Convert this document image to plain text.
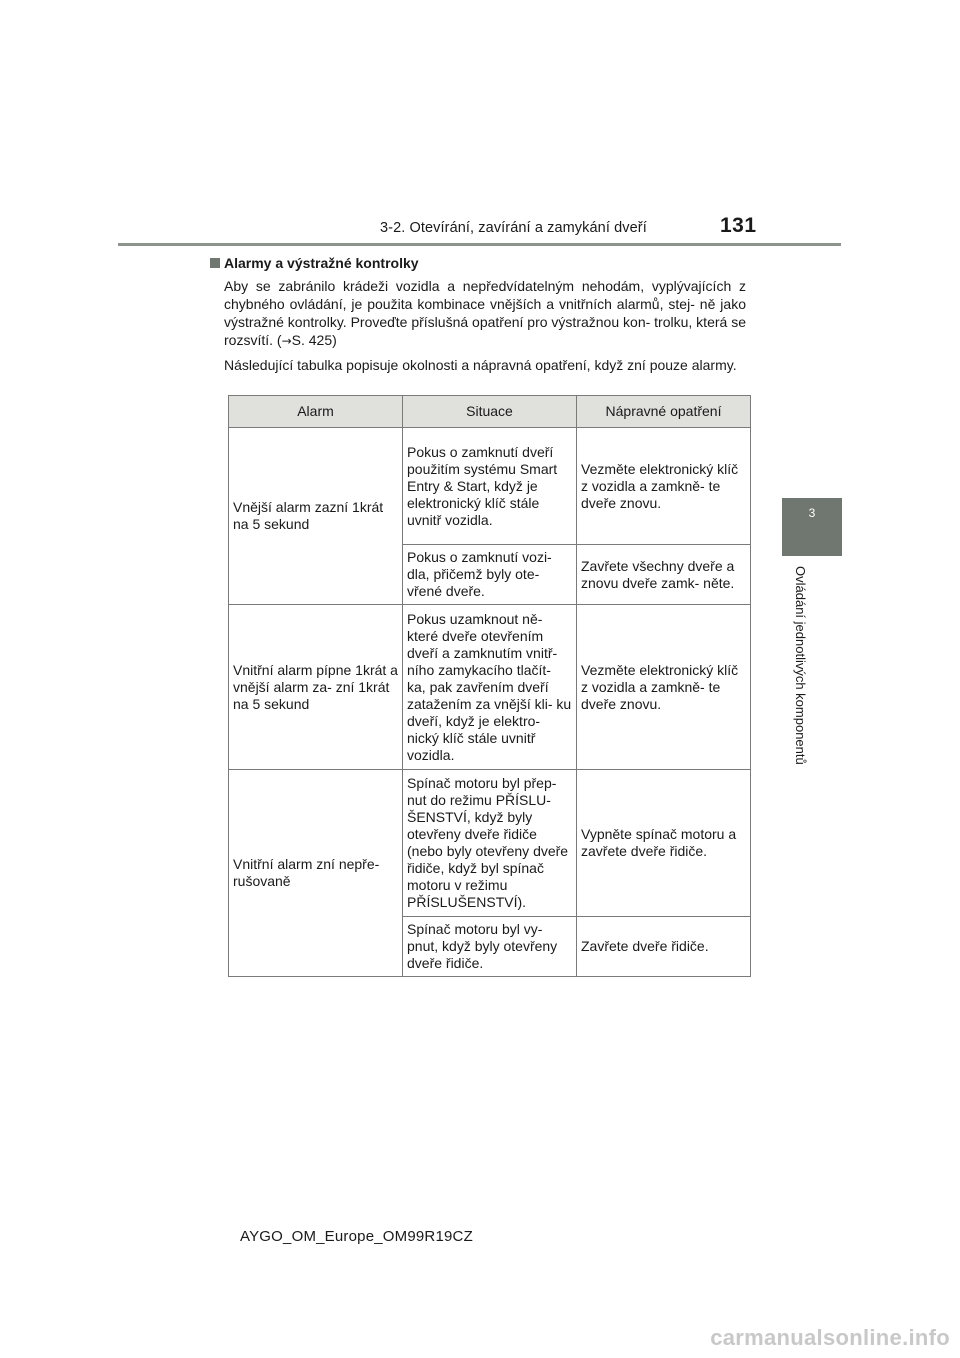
3-2. Otevírání, zavírání a zamykání dveří	131
3
Ovládání jednotlivých komponentů
Alarmy a výstražné kontrolky

Aby se zabránilo krádeži vozidla a nepředvídatelným nehodám, vyplývajících z chybného ovládání, je použita kombinace vnějších a vnitřních alarmů, stej- ně jako výstražné kontrolky. Proveďte příslušná opatření pro výstražnou kon- trolku, která se rozsvítí. (→S. 425)

Následující tabulka popisuje okolnosti a nápravná opatření, když zní pouze alarmy.

Alarm	Situace	Nápravné opatření
Vnější alarm zazní 1krát na 5 sekund	Pokus o zamknutí dveří použitím systému Smart Entry & Start, když je elektronický klíč stále uvnitř vozidla.	Vezměte elektronický klíč z vozidla a zamkně- te dveře znovu.
	Pokus o zamknutí vozi- dla, přičemž byly ote- vřené dveře.	Zavřete všechny dveře a znovu dveře zamk- něte.
Vnitřní alarm pípne 1krát a vnější alarm za- zní 1krát na 5 sekund	Pokus uzamknout ně- které dveře otevřením dveří a zamknutím vnitř- ního zamykacího tlačít- ka, pak zavřením dveří zatažením za vnější kli- ku dveří, když je elektro- nický klíč stále uvnitř vozidla.	Vezměte elektronický klíč z vozidla a zamkně- te dveře znovu.
Vnitřní alarm zní nepře- rušovaně	Spínač motoru byl přep- nut do režimu PŘÍSLU- ŠENSTVÍ, když byly otevřeny dveře řidiče (nebo byly otevřeny dveře řidiče, když byl spínač motoru v režimu PŘÍSLUŠENSTVÍ).	Vypněte spínač motoru a zavřete dveře řidiče.
	Spínač motoru byl vy- pnut, když byly otevřeny dveře řidiče.	Zavřete dveře řidiče.
AYGO_OM_Europe_OM99R19CZ
carmanualsonline.info
